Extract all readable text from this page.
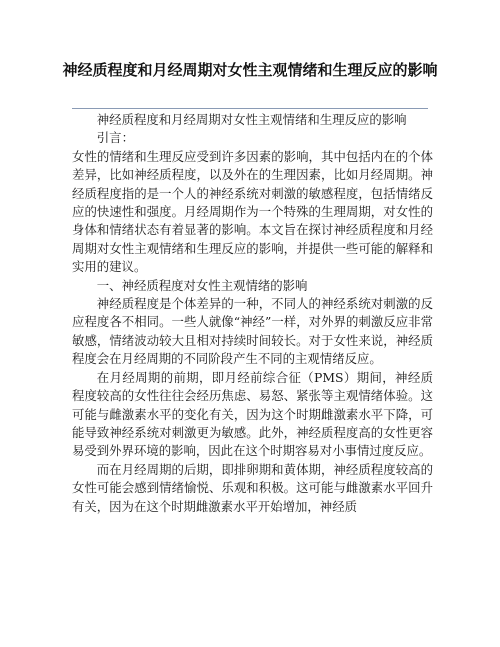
神经质程度和月经周期对女性主观情绪和生理反应的影响

神经质程度和月经周期对女性主观情绪和生理反应的影响

引言：

女性的情绪和生理反应受到许多因素的影响，其中包括内在的个体差异，比如神经质程度，以及外在的生理因素，比如月经周期。神经质程度指的是一个人的神经系统对刺激的敏感程度，包括情绪反应的快速性和强度。月经周期作为一个特殊的生理周期，对女性的身体和情绪状态有着显著的影响。本文旨在探讨神经质程度和月经周期对女性主观情绪和生理反应的影响，并提供一些可能的解释和实用的建议。

一、神经质程度对女性主观情绪的影响

神经质程度是个体差异的一种，不同人的神经系统对刺激的反应程度各不相同。一些人就像“神经”一样，对外界的刺激反应非常敏感，情绪波动较大且相对持续时间较长。对于女性来说，神经质程度会在月经周期的不同阶段产生不同的主观情绪反应。

在月经周期的前期，即月经前综合征（PMS）期间，神经质程度较高的女性往往会经历焦虑、易怒、紧张等主观情绪体验。这可能与雌激素水平的变化有关，因为这个时期雌激素水平下降，可能导致神经系统对刺激更为敏感。此外，神经质程度高的女性更容易受到外界环境的影响，因此在这个时期容易对小事情过度反应。

而在月经周期的后期，即排卵期和黄体期，神经质程度较高的女性可能会感到情绪愉悦、乐观和积极。这可能与雌激素水平回升有关，因为在这个时期雌激素水平开始增加，神经质
